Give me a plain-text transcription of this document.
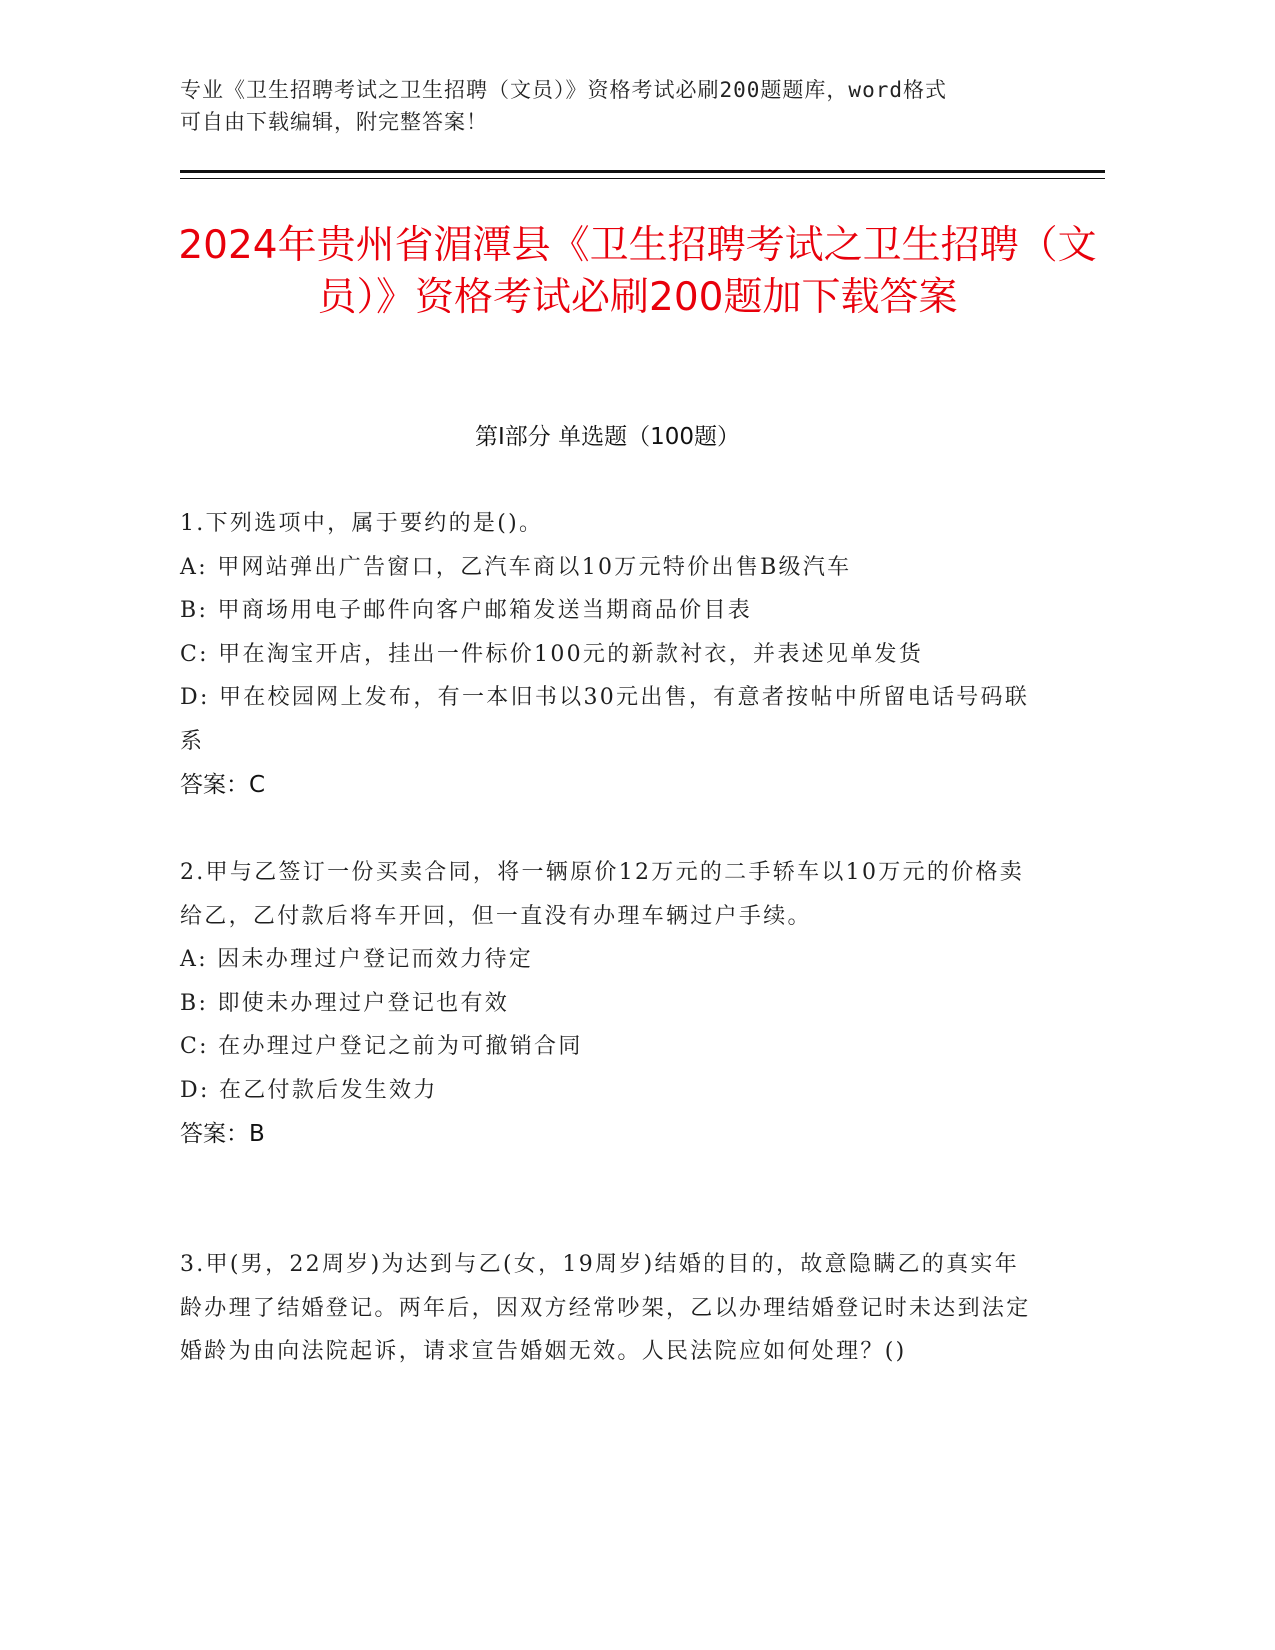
专业《卫生招聘考试之卫生招聘（文员）》资格考试必刷200题题库，word格式
可自由下载编辑，附完整答案！
2024年贵州省湄潭县《卫生招聘考试之卫生招聘（文员）》资格考试必刷200题加下载答案
第Ⅰ部分 单选题（100题）
1.下列选项中，属于要约的是()。
A: 甲网站弹出广告窗口，乙汽车商以10万元特价出售B级汽车
B: 甲商场用电子邮件向客户邮箱发送当期商品价目表
C: 甲在淘宝开店，挂出一件标价100元的新款衬衣，并表述见单发货
D: 甲在校园网上发布，有一本旧书以30元出售，有意者按帖中所留电话号码联系
答案：C
2.甲与乙签订一份买卖合同，将一辆原价12万元的二手轿车以10万元的价格卖给乙，乙付款后将车开回，但一直没有办理车辆过户手续。
A: 因未办理过户登记而效力待定
B: 即使未办理过户登记也有效
C: 在办理过户登记之前为可撤销合同
D: 在乙付款后发生效力
答案：B
3.甲(男，22周岁)为达到与乙(女，19周岁)结婚的目的，故意隐瞒乙的真实年龄办理了结婚登记。两年后，因双方经常吵架，乙以办理结婚登记时未达到法定婚龄为由向法院起诉，请求宣告婚姻无效。人民法院应如何处理？()
